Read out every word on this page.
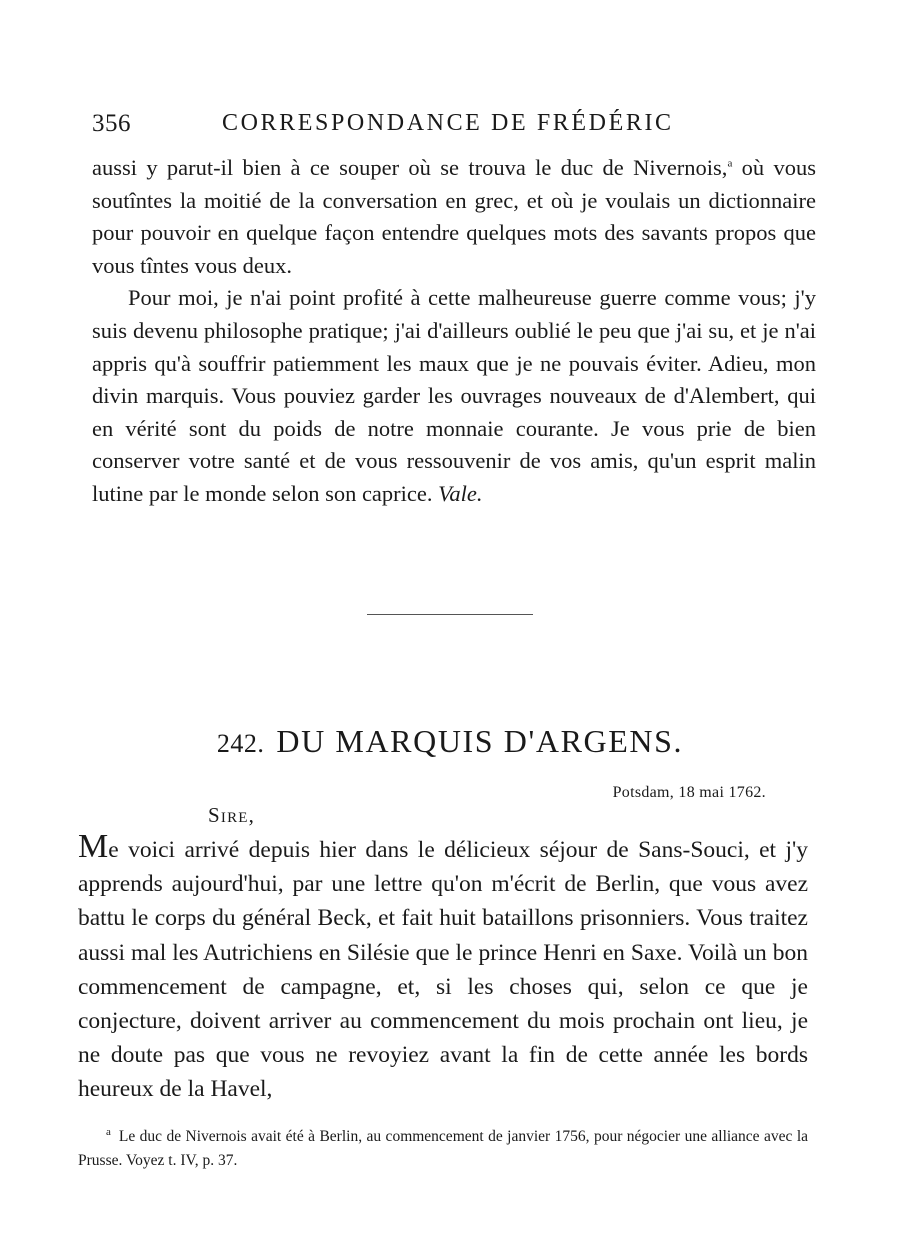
356	CORRESPONDANCE DE FRÉDÉRIC

aussi y parut-il bien à ce souper où se trouva le duc de Nivernois,$^a$ où vous soutîntes la moitié de la conversation en grec, et où je voulais un dictionnaire pour pouvoir en quelque façon entendre quelques mots des savants propos que vous tîntes vous deux.

Pour moi, je n'ai point profité à cette malheureuse guerre comme vous; j'y suis devenu philosophe pratique; j'ai d'ailleurs oublié le peu que j'ai su, et je n'ai appris qu'à souffrir patiemment les maux que je ne pouvais éviter. Adieu, mon divin marquis. Vous pouviez garder les ouvrages nouveaux de d'Alembert, qui en vérité sont du poids de notre monnaie courante. Je vous prie de bien conserver votre santé et de vous ressouvenir de vos amis, qu'un esprit malin lutine par le monde selon son caprice. Vale.

242. DU MARQUIS D'ARGENS.
Potsdam, 18 mai 1762.
Sire,

Me voici arrivé depuis hier dans le délicieux séjour de Sans-Souci, et j'y apprends aujourd'hui, par une lettre qu'on m'écrit de Berlin, que vous avez battu le corps du général Beck, et fait huit bataillons prisonniers. Vous traitez aussi mal les Autrichiens en Silésie que le prince Henri en Saxe. Voilà un bon commencement de campagne, et, si les choses qui, selon ce que je conjecture, doivent arriver au commencement du mois prochain ont lieu, je ne doute pas que vous ne revoyiez avant la fin de cette année les bords heureux de la Havel,

$^a$ Le duc de Nivernois avait été à Berlin, au commencement de janvier 1756, pour négocier une alliance avec la Prusse. Voyez t. IV, p. 37.
